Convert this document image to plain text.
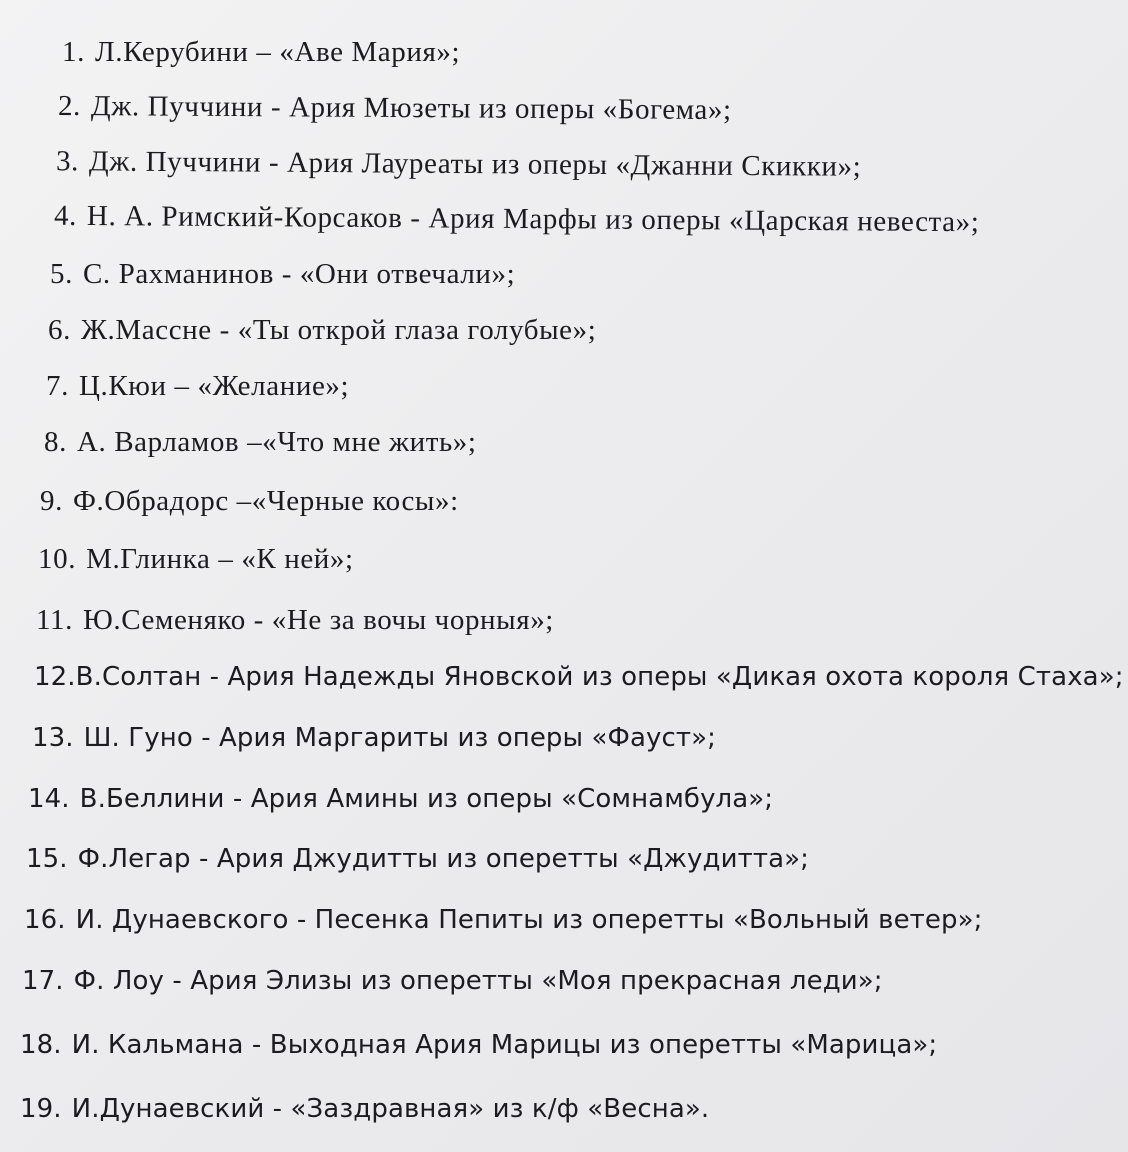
1. Л.Керубини – «Аве Мария»;
2. Дж. Пуччини - Ария Мюзеты из оперы «Богема»;
3. Дж. Пуччини - Ария Лауреаты из оперы «Джанни Скикки»;
4. Н. А. Римский-Корсаков - Ария Марфы из оперы «Царская невеста»;
5. С. Рахманинов - «Они отвечали»;
6. Ж.Массне - «Ты открой глаза голубые»;
7. Ц.Кюи – «Желание»;
8. А. Варламов –«Что мне жить»;
9. Ф.Обрадорс –«Черные косы»:
10. М.Глинка – «К ней»;
11. Ю.Семеняко - «Не за вочы чорныя»;
12.В.Солтан - Ария Надежды Яновской из оперы «Дикая охота короля Стаха»;
13. Ш. Гуно - Ария Маргариты из оперы «Фауст»;
14. В.Беллини - Ария Амины из оперы «Сомнамбула»;
15. Ф.Легар - Ария Джудитты из оперетты «Джудитта»;
16. И. Дунаевского - Песенка Пепиты из оперетты «Вольный ветер»;
17. Ф. Лоу - Ария Элизы из оперетты «Моя прекрасная леди»;
18. И. Кальмана - Выходная Ария Марицы из оперетты «Марица»;
19. И.Дунаевский - «Заздравная» из к/ф «Весна».
